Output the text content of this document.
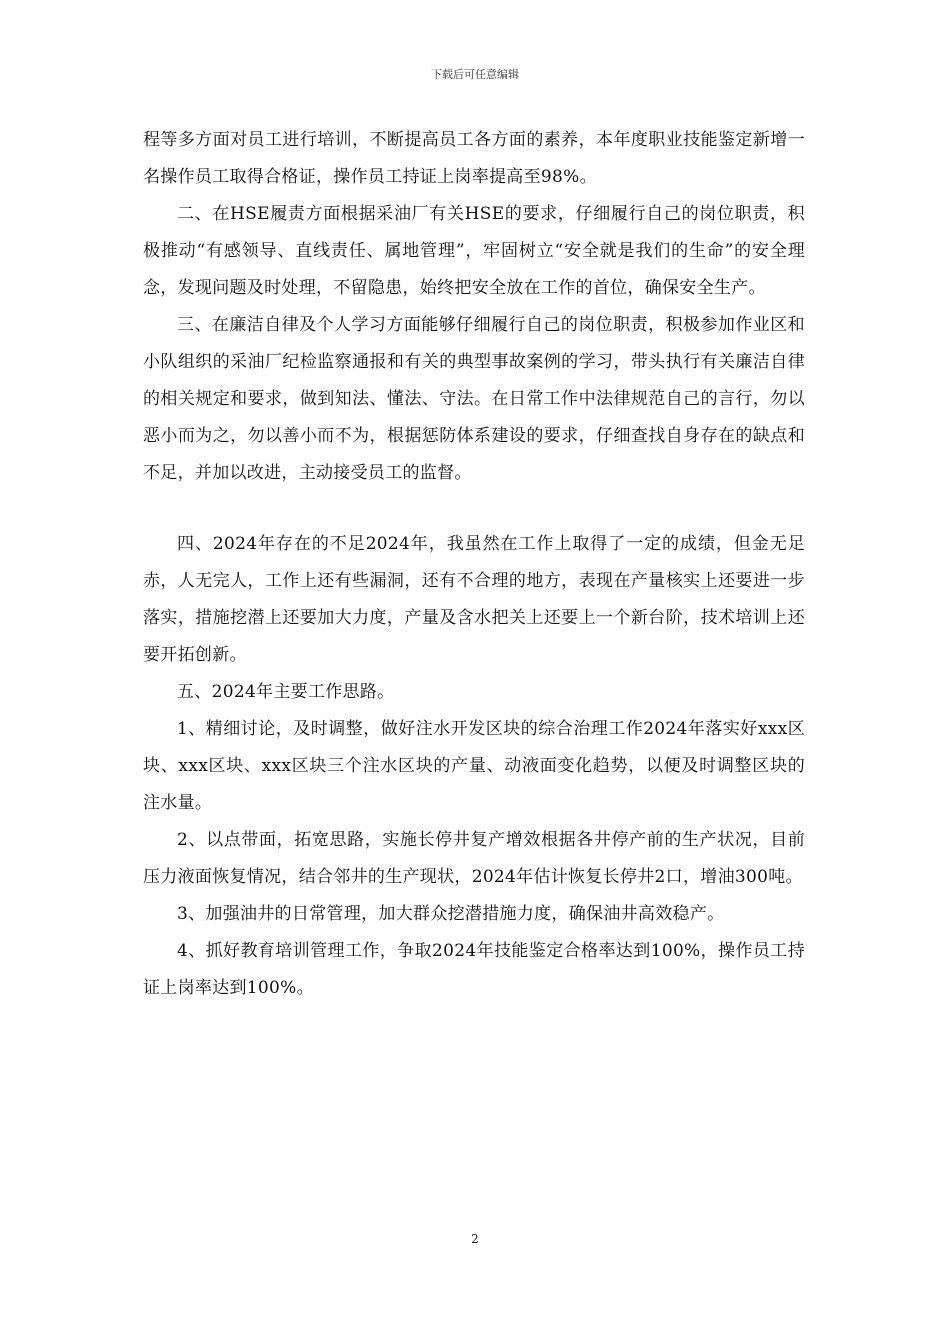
下载后可任意编辑

程等多方面对员工进行培训，不断提高员工各方面的素养，本年度职业技能鉴定新增一名操作员工取得合格证，操作员工持证上岗率提高至98%。

二、在HSE履责方面根据采油厂有关HSE的要求，仔细履行自己的岗位职责，积极推动“有感领导、直线责任、属地管理”，牢固树立“安全就是我们的生命”的安全理念，发现问题及时处理，不留隐患，始终把安全放在工作的首位，确保安全生产。

三、在廉洁自律及个人学习方面能够仔细履行自己的岗位职责，积极参加作业区和小队组织的采油厂纪检监察通报和有关的典型事故案例的学习，带头执行有关廉洁自律的相关规定和要求，做到知法、懂法、守法。在日常工作中法律规范自己的言行，勿以恶小而为之，勿以善小而不为，根据惩防体系建设的要求，仔细查找自身存在的缺点和不足，并加以改进，主动接受员工的监督。

四、2024年存在的不足2024年，我虽然在工作上取得了一定的成绩，但金无足赤，人无完人，工作上还有些漏洞，还有不合理的地方，表现在产量核实上还要进一步落实，措施挖潜上还要加大力度，产量及含水把关上还要上一个新台阶，技术培训上还要开拓创新。

五、2024年主要工作思路。

1、精细讨论，及时调整，做好注水开发区块的综合治理工作2024年落实好xxx区块、xxx区块、xxx区块三个注水区块的产量、动液面变化趋势，以便及时调整区块的注水量。

2、以点带面，拓宽思路，实施长停井复产增效根据各井停产前的生产状况，目前压力液面恢复情况，结合邻井的生产现状，2024年估计恢复长停井2口，增油300吨。

3、加强油井的日常管理，加大群众挖潜措施力度，确保油井高效稳产。

4、抓好教育培训管理工作，争取2024年技能鉴定合格率达到100%，操作员工持证上岗率达到100%。

2
